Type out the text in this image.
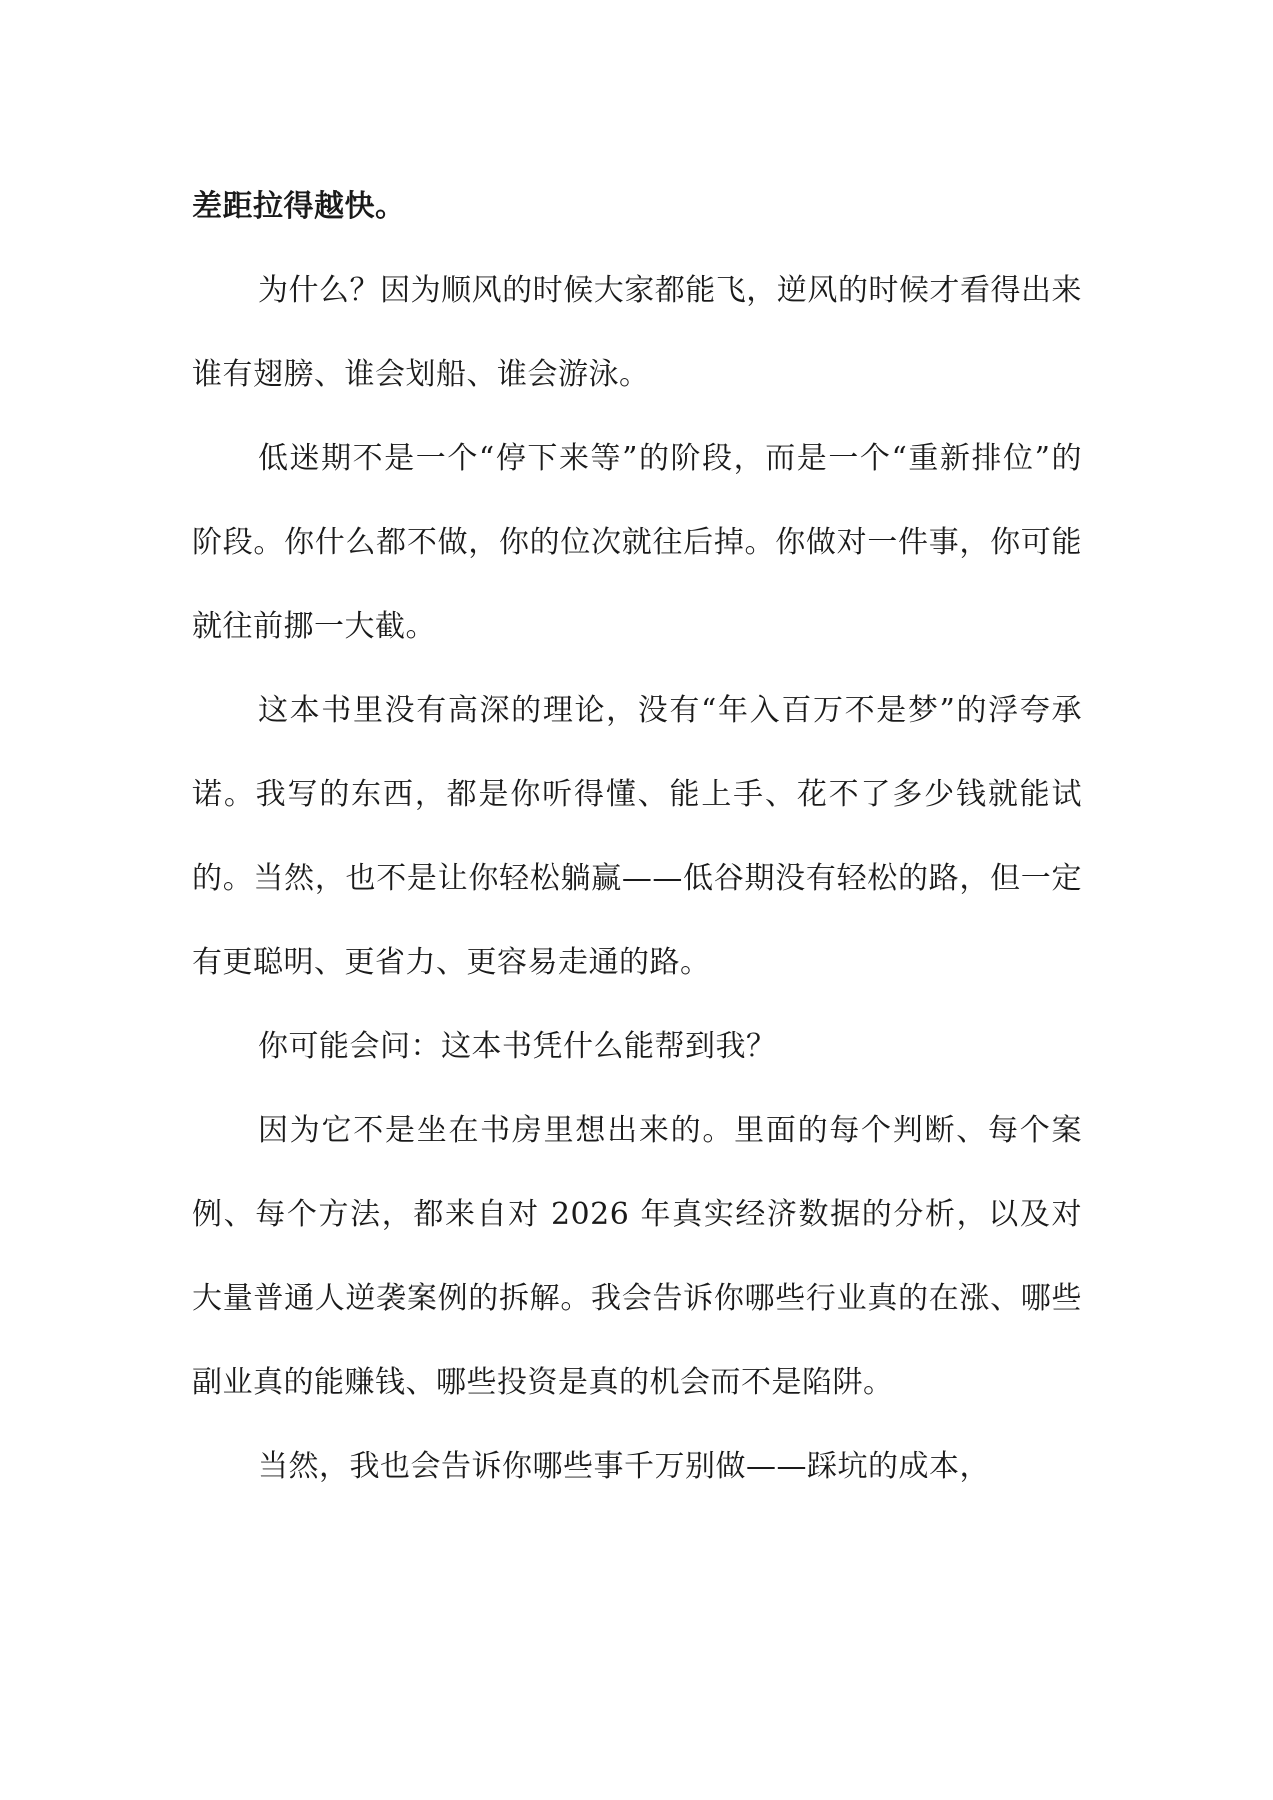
差距拉得越快。

为什么？因为顺风的时候大家都能飞，逆风的时候才看得出来谁有翅膀、谁会划船、谁会游泳。

低迷期不是一个“停下来等”的阶段，而是一个“重新排位”的阶段。你什么都不做，你的位次就往后掉。你做对一件事，你可能就往前挪一大截。

这本书里没有高深的理论，没有“年入百万不是梦”的浮夸承诺。我写的东西，都是你听得懂、能上手、花不了多少钱就能试的。当然，也不是让你轻松躺赢——低谷期没有轻松的路，但一定有更聪明、更省力、更容易走通的路。

你可能会问：这本书凭什么能帮到我？

因为它不是坐在书房里想出来的。里面的每个判断、每个案例、每个方法，都来自对 2026 年真实经济数据的分析，以及对大量普通人逆袭案例的拆解。我会告诉你哪些行业真的在涨、哪些副业真的能赚钱、哪些投资是真的机会而不是陷阱。

当然，我也会告诉你哪些事千万别做——踩坑的成本，
